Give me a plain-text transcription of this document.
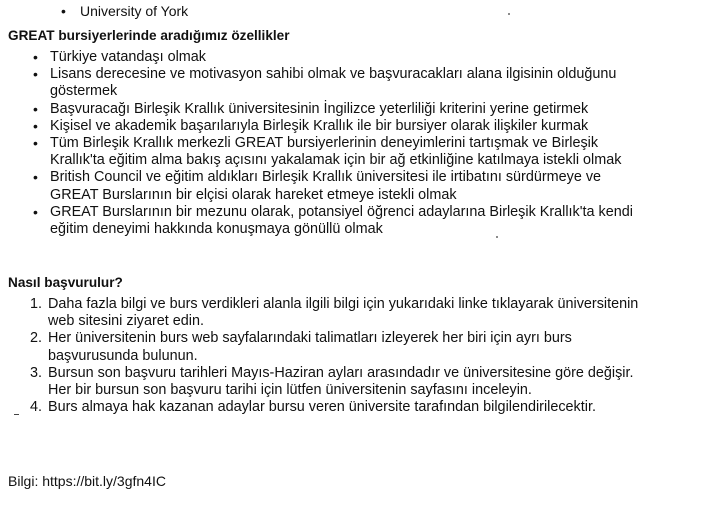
• University of York
GREAT bursiyerlerinde aradığımız özellikler
• Türkiye vatandaşı olmak
• Lisans derecesine ve motivasyon sahibi olmak ve başvuracakları alana ilgisinin olduğunu
göstermek
• Başvuracağı Birleşik Krallık üniversitesinin İngilizce yeterliliği kriterini yerine getirmek
• Kişisel ve akademik başarılarıyla Birleşik Krallık ile bir bursiyer olarak ilişkiler kurmak
• Tüm Birleşik Krallık merkezli GREAT bursiyerlerinin deneyimlerini tartışmak ve Birleşik
Krallık'ta eğitim alma bakış açısını yakalamak için bir ağ etkinliğine katılmaya istekli olmak
• British Council ve eğitim aldıkları Birleşik Krallık üniversitesi ile irtibatını sürdürmeye ve
GREAT Burslarının bir elçisi olarak hareket etmeye istekli olmak
• GREAT Burslarının bir mezunu olarak, potansiyel öğrenci adaylarına Birleşik Krallık'ta kendi
eğitim deneyimi hakkında konuşmaya gönüllü olmak
Nasıl başvurulur?
1. Daha fazla bilgi ve burs verdikleri alanla ilgili bilgi için yukarıdaki linke tıklayarak üniversitenin
web sitesini ziyaret edin.
2. Her üniversitenin burs web sayfalarındaki talimatları izleyerek her biri için ayrı burs
başvurusunda bulunun.
3. Bursun son başvuru tarihleri Mayıs-Haziran ayları arasındadır ve üniversitesine göre değişir.
Her bir bursun son başvuru tarihi için lütfen üniversitenin sayfasını inceleyin.
4. Burs almaya hak kazanan adaylar bursu veren üniversite tarafından bilgilendirilecektir.
Bilgi: https://bit.ly/3gfn4IC
